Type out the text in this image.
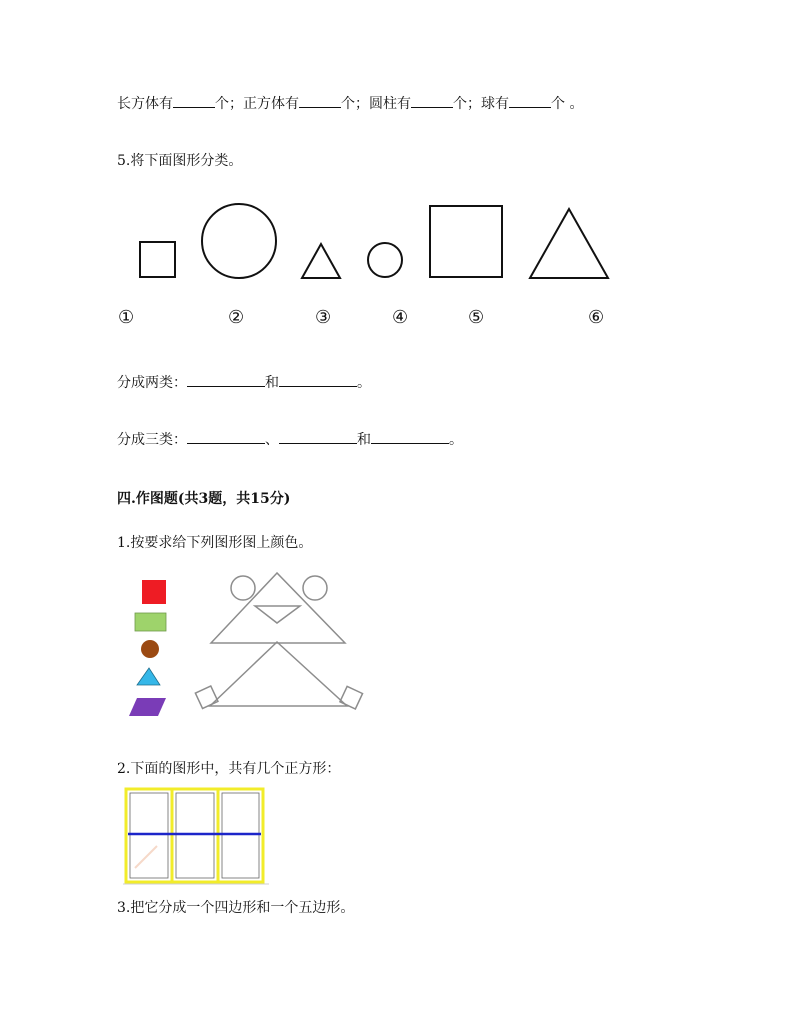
长方体有	个；正方体有	个；圆柱有	个；球有	个 。
5.将下面图形分类。
①	②	③	④	⑤	⑥
分成两类：	和	。
分成三类：	、	和	。
四.作图题(共3题，共15分)
1.按要求给下列图形图上颜色。
2.下面的图形中，共有几个正方形：
3.把它分成一个四边形和一个五边形。
